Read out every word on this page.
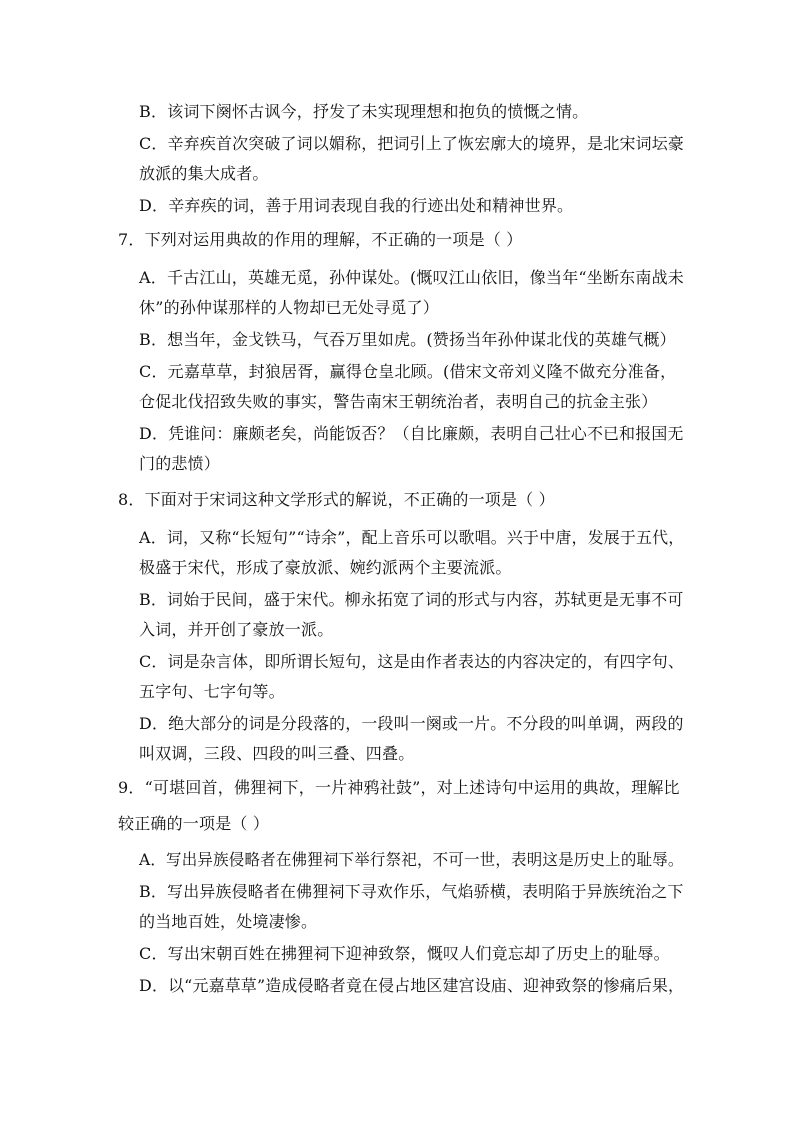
B．该词下阕怀古讽今，抒发了未实现理想和抱负的愤慨之情。
C．辛弃疾首次突破了词以媚称，把词引上了恢宏廓大的境界，是北宋词坛豪
放派的集大成者。
D．辛弃疾的词，善于用词表现自我的行迹出处和精神世界。
7．下列对运用典故的作用的理解，不正确的一项是（ ）
A．千古江山，英雄无觅，孙仲谋处。(慨叹江山依旧，像当年“坐断东南战未
休”的孙仲谋那样的人物却已无处寻觅了）
B．想当年，金戈铁马，气吞万里如虎。(赞扬当年孙仲谋北伐的英雄气概）
C．元嘉草草，封狼居胥，赢得仓皇北顾。(借宋文帝刘义隆不做充分准备，
仓促北伐招致失败的事实，警告南宋王朝统治者，表明自己的抗金主张）
D．凭谁问：廉颇老矣，尚能饭否？（自比廉颇，表明自己壮心不已和报国无
门的悲愤）
8．下面对于宋词这种文学形式的解说，不正确的一项是（ ）
A．词，又称“长短句”“诗余”，配上音乐可以歌唱。兴于中唐，发展于五代，
极盛于宋代，形成了豪放派、婉约派两个主要流派。
B．词始于民间，盛于宋代。柳永拓宽了词的形式与内容，苏轼更是无事不可
入词，并开创了豪放一派。
C．词是杂言体，即所谓长短句，这是由作者表达的内容决定的，有四字句、
五字句、七字句等。
D．绝大部分的词是分段落的，一段叫一阕或一片。不分段的叫单调，两段的
叫双调，三段、四段的叫三叠、四叠。
9．“可堪回首，佛狸祠下，一片神鸦社鼓”，对上述诗句中运用的典故，理解比
较正确的一项是（ ）
A．写出异族侵略者在佛狸祠下举行祭祀，不可一世，表明这是历史上的耻辱。
B．写出异族侵略者在佛狸祠下寻欢作乐，气焰骄横，表明陷于异族统治之下
的当地百姓，处境凄惨。
C．写出宋朝百姓在拂狸祠下迎神致祭，慨叹人们竟忘却了历史上的耻辱。
D．以“元嘉草草”造成侵略者竟在侵占地区建宫设庙、迎神致祭的惨痛后果，
